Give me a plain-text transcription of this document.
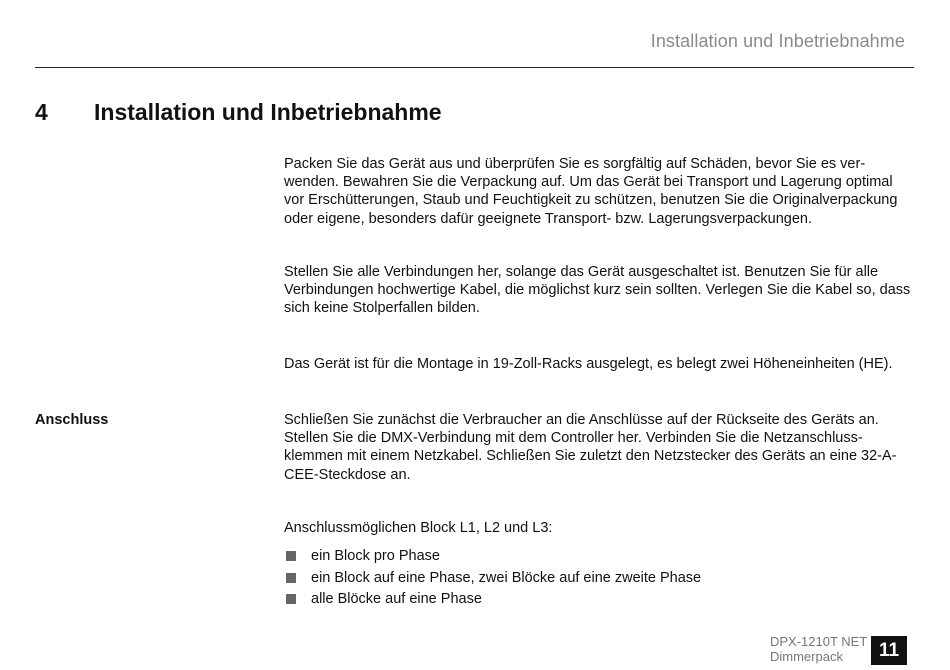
Installation und Inbetriebnahme
4 Installation und Inbetriebnahme

Packen Sie das Gerät aus und überprüfen Sie es sorgfältig auf Schäden, bevor Sie es verwenden. Bewahren Sie die Verpackung auf. Um das Gerät bei Transport und Lagerung optimal vor Erschütterungen, Staub und Feuchtigkeit zu schützen, benutzen Sie die Originalverpackung oder eigene, besonders dafür geeignete Transport- bzw. Lagerungsverpackungen.

Stellen Sie alle Verbindungen her, solange das Gerät ausgeschaltet ist. Benutzen Sie für alle Verbindungen hochwertige Kabel, die möglichst kurz sein sollten. Verlegen Sie die Kabel so, dass sich keine Stolperfallen bilden.

Das Gerät ist für die Montage in 19-Zoll-Racks ausgelegt, es belegt zwei Höheneinheiten (HE).

Anschluss	Schließen Sie zunächst die Verbraucher an die Anschlüsse auf der Rückseite des Geräts an. Stellen Sie die DMX-Verbindung mit dem Controller her. Verbinden Sie die Netzanschlussklemmen mit einem Netzkabel. Schließen Sie zuletzt den Netzstecker des Geräts an eine 32-A-CEE-Steckdose an.

Anschlussmöglichen Block L1, L2 und L3:

ein Block pro Phase
ein Block auf eine Phase, zwei Blöcke auf eine zweite Phase
alle Blöcke auf eine Phase
DPX-1210T NET
Dimmerpack	11
